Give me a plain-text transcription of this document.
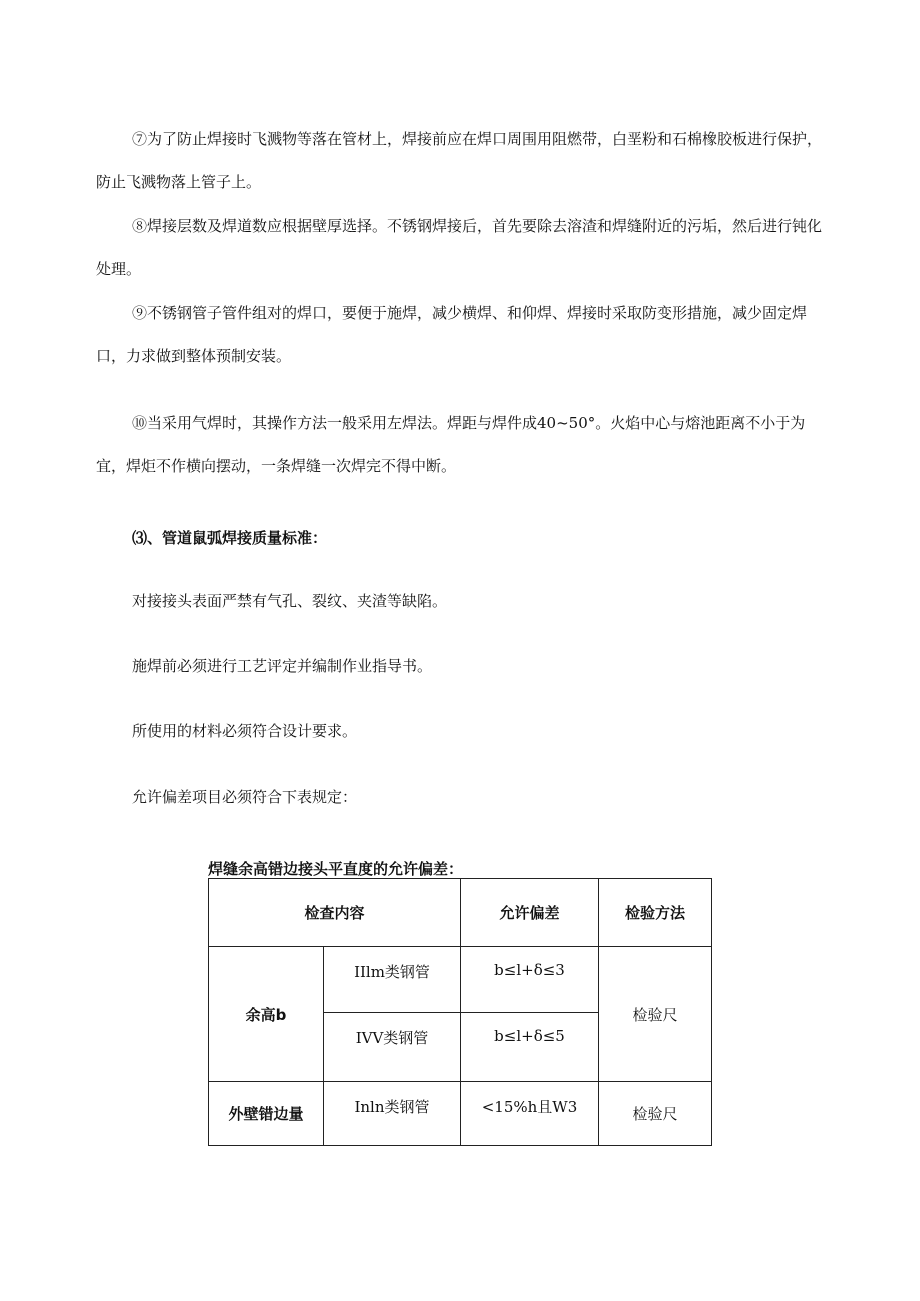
⑦为了防止焊接时飞溅物等落在管材上，焊接前应在焊口周围用阻燃带，白垩粉和石棉橡胶板进行保护，防止飞溅物落上管子上。

⑧焊接层数及焊道数应根据壁厚选择。不锈钢焊接后，首先要除去溶渣和焊缝附近的污垢，然后进行钝化处理。

⑨不锈钢管子管件组对的焊口，要便于施焊，减少横焊、和仰焊、焊接时采取防变形措施，减少固定焊口，力求做到整体预制安装。

⑩当采用气焊时，其操作方法一般采用左焊法。焊距与焊件成40~50°。火焰中心与熔池距离不小于为宜，焊炬不作横向摆动，一条焊缝一次焊完不得中断。

⑶、管道鼠弧焊接质量标准：

对接接头表面严禁有气孔、裂纹、夹渣等缺陷。

施焊前必须进行工艺评定并编制作业指导书。

所使用的材料必须符合设计要求。

允许偏差项目必须符合下表规定：

焊缝余高错边接头平直度的允许偏差：

检查内容		允许偏差	检验方法
余高b	IIlm类钢管	b≤l+δ≤3	检验尺
	IVV类钢管	b≤l+δ≤5	
外壁错边量	Inln类钢管	<15%h且W3	检验尺
